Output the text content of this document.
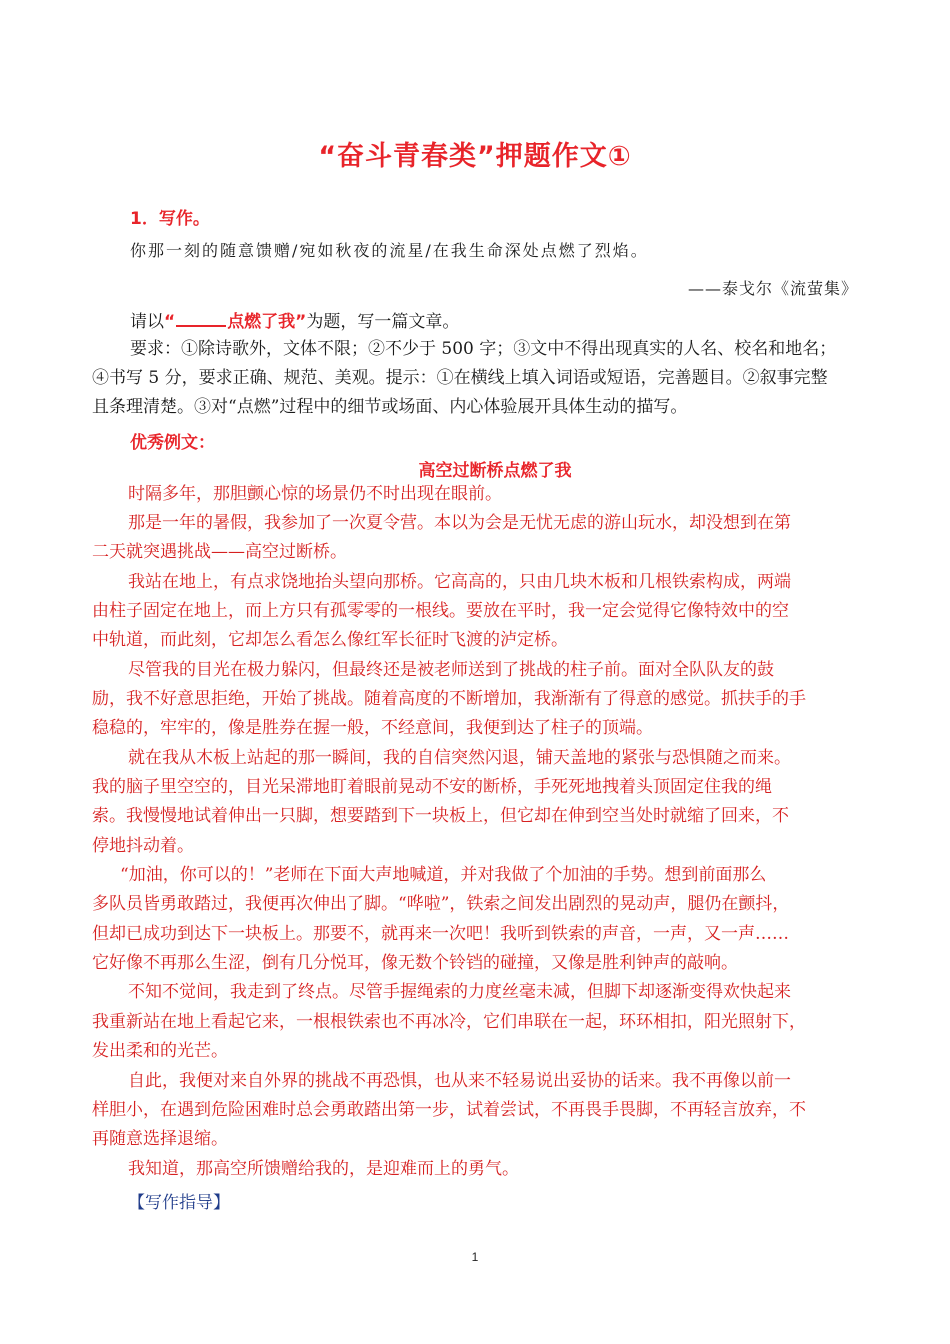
“奋斗青春类”押题作文①
1．写作。
你那一刻的随意馈赠/宛如秋夜的流星/在我生命深处点燃了烈焰。
——泰戈尔《流萤集》
请以“	点燃了我”为题，写一篇文章。
要求：①除诗歌外，文体不限；②不少于 500 字；③文中不得出现真实的人名、校名和地名；
④书写 5 分，要求正确、规范、美观。提示：①在横线上填入词语或短语，完善题目。②叙事完整
且条理清楚。③对“点燃”过程中的细节或场面、内心体验展开具体生动的描写。
优秀例文：
高空过断桥点燃了我
时隔多年，那胆颤心惊的场景仍不时出现在眼前。
那是一年的暑假，我参加了一次夏令营。本以为会是无忧无虑的游山玩水，却没想到在第
二天就突遇挑战——高空过断桥。
我站在地上，有点求饶地抬头望向那桥。它高高的，只由几块木板和几根铁索构成，两端
由柱子固定在地上，而上方只有孤零零的一根线。要放在平时，我一定会觉得它像特效中的空
中轨道，而此刻，它却怎么看怎么像红军长征时飞渡的泸定桥。
尽管我的目光在极力躲闪，但最终还是被老师送到了挑战的柱子前。面对全队队友的鼓
励，我不好意思拒绝，开始了挑战。随着高度的不断增加，我渐渐有了得意的感觉。抓扶手的手
稳稳的，牢牢的，像是胜券在握一般，不经意间，我便到达了柱子的顶端。
就在我从木板上站起的那一瞬间，我的自信突然闪退，铺天盖地的紧张与恐惧随之而来。
我的脑子里空空的，目光呆滞地盯着眼前晃动不安的断桥，手死死地拽着头顶固定住我的绳
索。我慢慢地试着伸出一只脚，想要踏到下一块板上，但它却在伸到空当处时就缩了回来，不
停地抖动着。
“加油，你可以的！”老师在下面大声地喊道，并对我做了个加油的手势。想到前面那么
多队员皆勇敢踏过，我便再次伸出了脚。“哗啦”，铁索之间发出剧烈的晃动声，腿仍在颤抖，
但却已成功到达下一块板上。那要不，就再来一次吧！我听到铁索的声音，一声，又一声……
它好像不再那么生涩，倒有几分悦耳，像无数个铃铛的碰撞，又像是胜利钟声的敲响。
不知不觉间，我走到了终点。尽管手握绳索的力度丝毫未减，但脚下却逐渐变得欢快起来
我重新站在地上看起它来，一根根铁索也不再冰冷，它们串联在一起，环环相扣，阳光照射下，
发出柔和的光芒。
自此，我便对来自外界的挑战不再恐惧，也从来不轻易说出妥协的话来。我不再像以前一
样胆小，在遇到危险困难时总会勇敢踏出第一步，试着尝试，不再畏手畏脚，不再轻言放弃，不
再随意选择退缩。
我知道，那高空所馈赠给我的，是迎难而上的勇气。
【写作指导】
1
